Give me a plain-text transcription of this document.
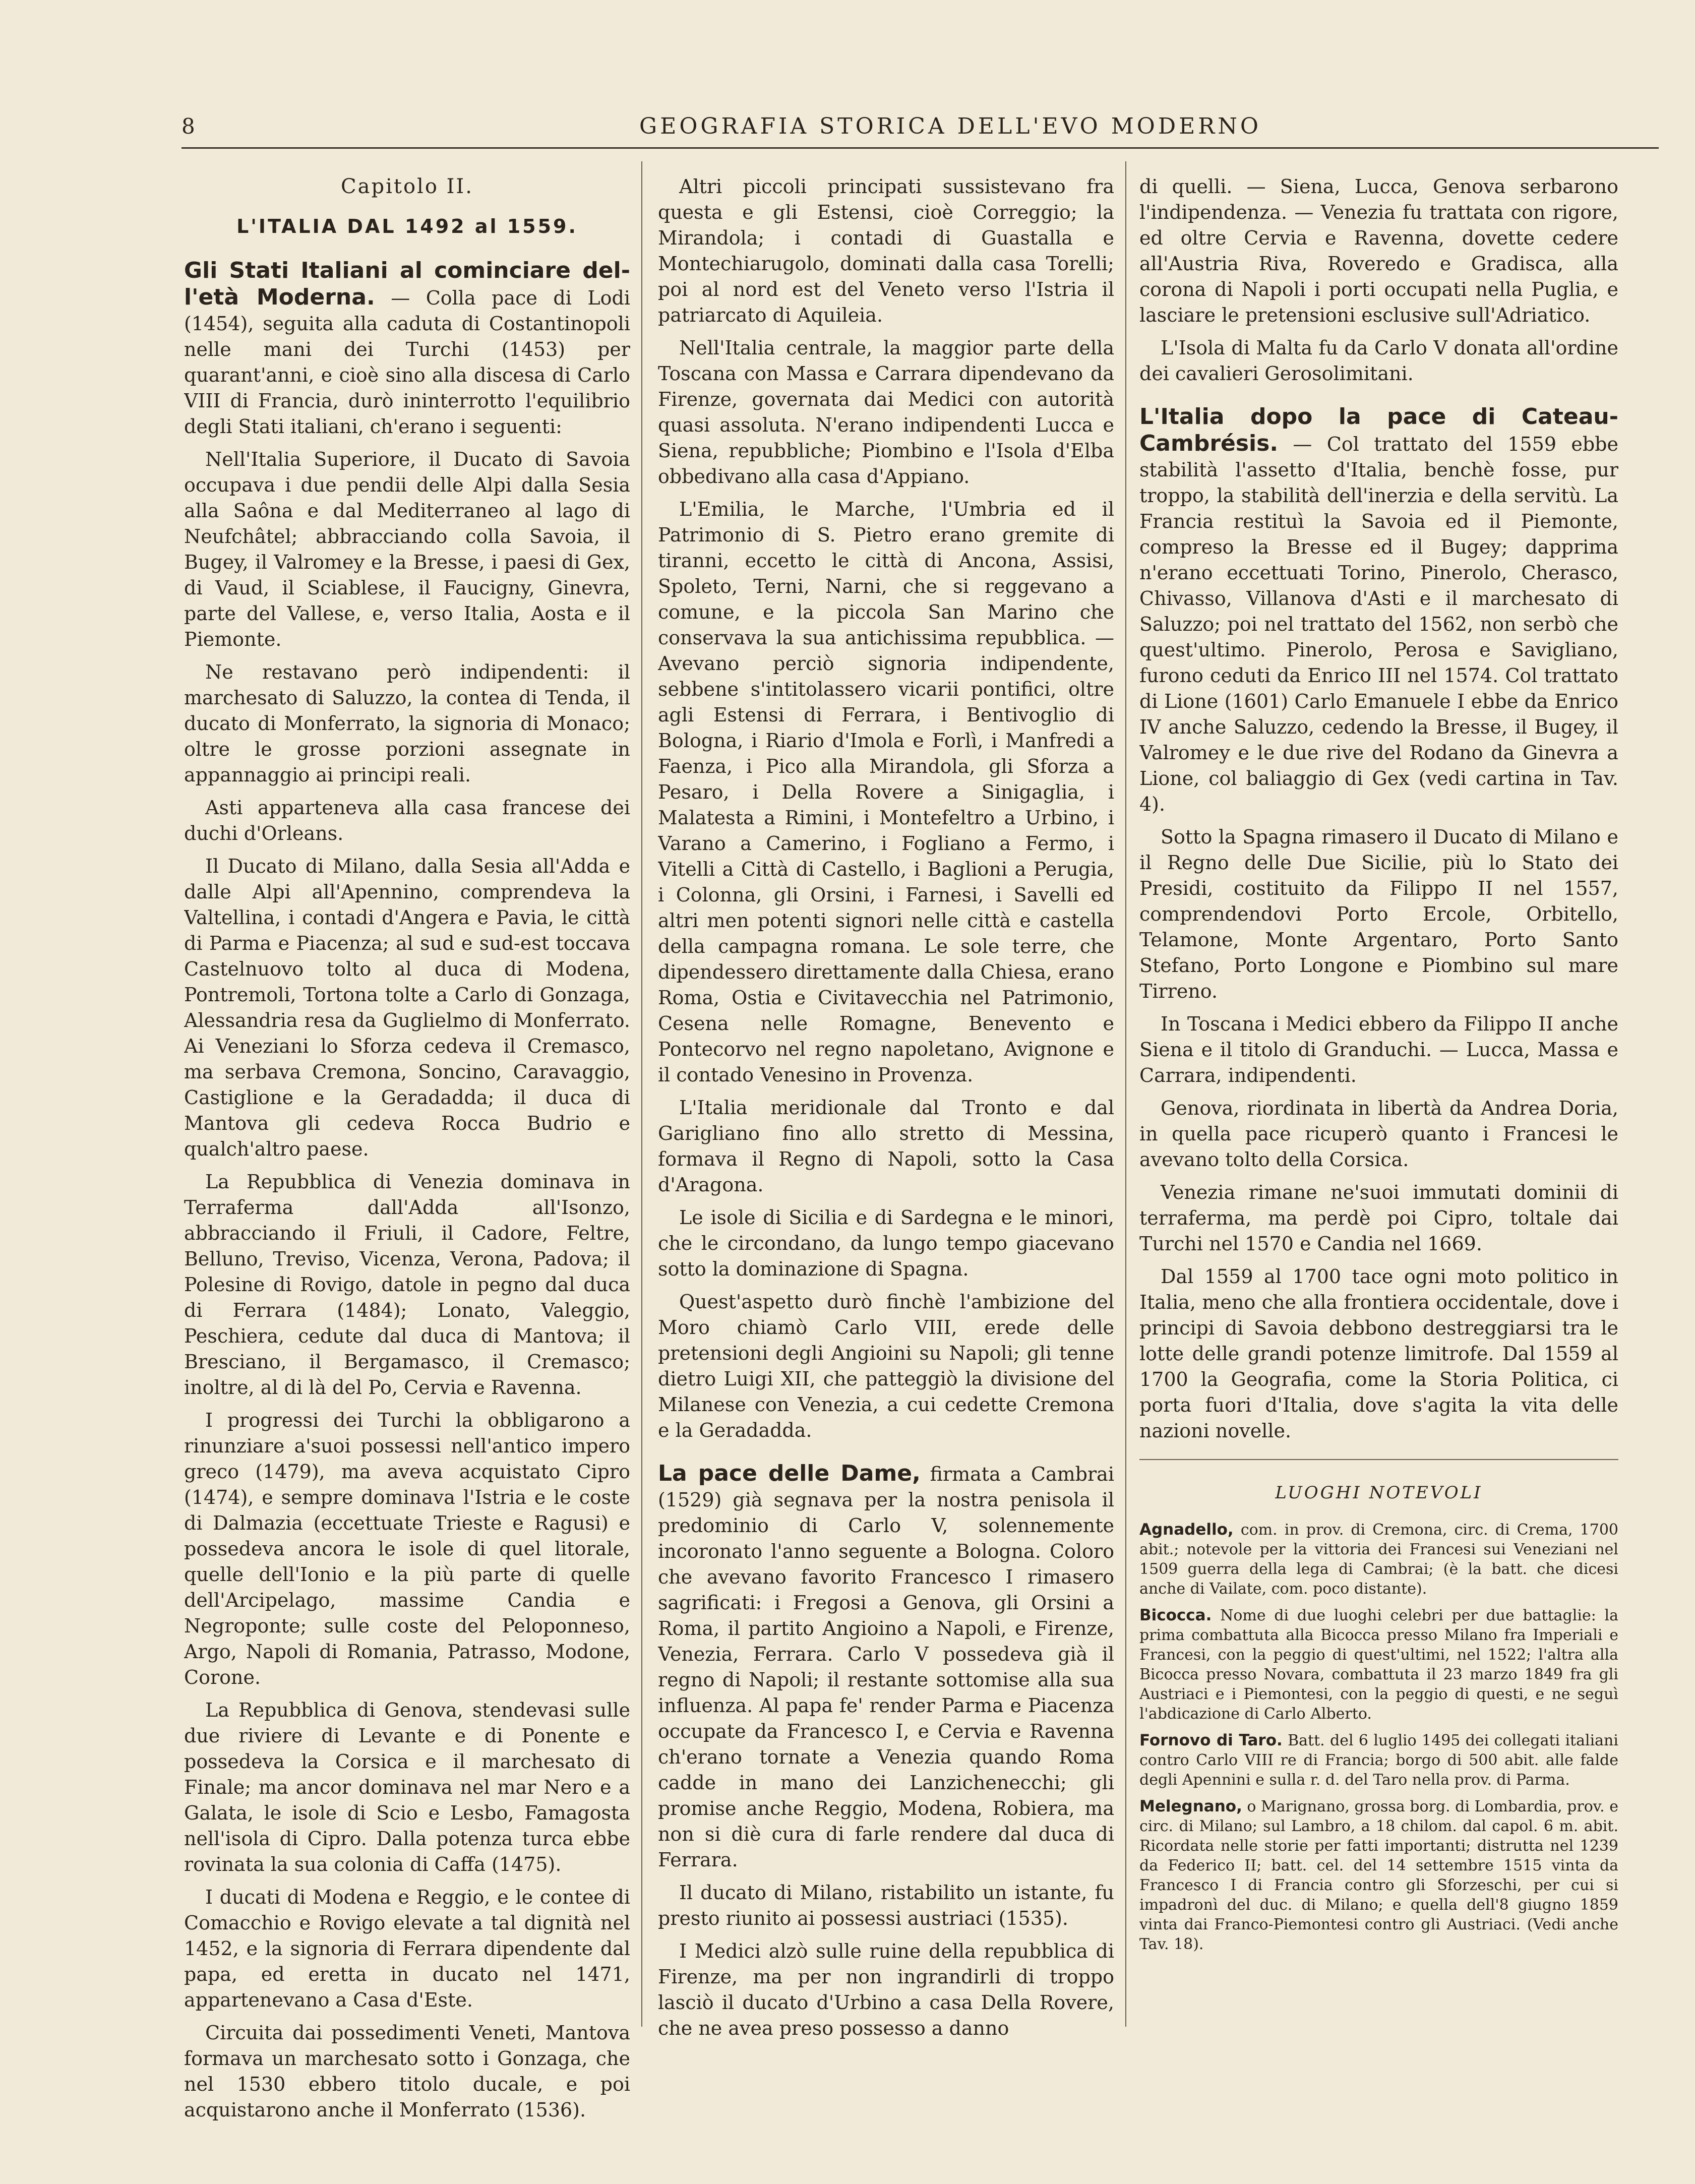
8	GEOGRAFIA STORICA DELL'EVO MODERNO
Capitolo II.
L'ITALIA DAL 1492 al 1559.

Gli Stati Italiani al cominciare del-l'età Moderna. — Colla pace di Lodi (1454), seguita alla caduta di Costantinopoli nelle mani dei Turchi (1453) per quarant'anni, e cioè sino alla discesa di Carlo VIII di Francia, durò ininterrotto l'equilibrio degli Stati italiani, ch'erano i seguenti:

Nell'Italia Superiore, il Ducato di Savoia occupava i due pendii delle Alpi dalla Sesia alla Saôna e dal Mediterraneo al lago di Neufchâtel; abbracciando colla Savoia, il Bugey, il Valromey e la Bresse, i paesi di Gex, di Vaud, il Sciablese, il Faucigny, Ginevra, parte del Vallese, e, verso Italia, Aosta e il Piemonte.

Ne restavano però indipendenti: il marchesato di Saluzzo, la contea di Tenda, il ducato di Monferrato, la signoria di Monaco; oltre le grosse porzioni assegnate in appannaggio ai principi reali.

Asti apparteneva alla casa francese dei duchi d'Orleans.

Il Ducato di Milano, dalla Sesia all'Adda e dalle Alpi all'Apennino, comprendeva la Valtellina, i contadi d'Angera e Pavia, le città di Parma e Piacenza; al sud e sud-est toccava Castelnuovo tolto al duca di Modena, Pontremoli, Tortona tolte a Carlo di Gonzaga, Alessandria resa da Guglielmo di Monferrato. Ai Veneziani lo Sforza cedeva il Cremasco, ma serbava Cremona, Soncino, Caravaggio, Castiglione e la Geradadda; il duca di Mantova gli cedeva Rocca Budrio e qualch'altro paese.

La Repubblica di Venezia dominava in Terraferma dall'Adda all'Isonzo, abbracciando il Friuli, il Cadore, Feltre, Belluno, Treviso, Vicenza, Verona, Padova; il Polesine di Rovigo, datole in pegno dal duca di Ferrara (1484); Lonato, Valeggio, Peschiera, cedute dal duca di Mantova; il Bresciano, il Bergamasco, il Cremasco; inoltre, al di là del Po, Cervia e Ravenna.

I progressi dei Turchi la obbligarono a rinunziare a'suoi possessi nell'antico impero greco (1479), ma aveva acquistato Cipro (1474), e sempre dominava l'Istria e le coste di Dalmazia (eccettuate Trieste e Ragusi) e possedeva ancora le isole di quel litorale, quelle dell'Ionio e la più parte di quelle dell'Arcipelago, massime Candia e Negroponte; sulle coste del Peloponneso, Argo, Napoli di Romania, Patrasso, Modone, Corone.

La Repubblica di Genova, stendevasi sulle due riviere di Levante e di Ponente e possedeva la Corsica e il marchesato di Finale; ma ancor dominava nel mar Nero e a Galata, le isole di Scio e Lesbo, Famagosta nell'isola di Cipro. Dalla potenza turca ebbe rovinata la sua colonia di Caffa (1475).

I ducati di Modena e Reggio, e le contee di Comacchio e Rovigo elevate a tal dignità nel 1452, e la signoria di Ferrara dipendente dal papa, ed eretta in ducato nel 1471, appartenevano a Casa d'Este.

Circuita dai possedimenti Veneti, Mantova formava un marchesato sotto i Gonzaga, che nel 1530 ebbero titolo ducale, e poi acquistarono anche il Monferrato (1536).

Altri piccoli principati sussistevano fra questa e gli Estensi, cioè Correggio; la Mirandola; i contadi di Guastalla e Montechiarugolo, dominati dalla casa Torelli; poi al nord est del Veneto verso l'Istria il patriarcato di Aquileia.

Nell'Italia centrale, la maggior parte della Toscana con Massa e Carrara dipendevano da Firenze, governata dai Medici con autorità quasi assoluta. N'erano indipendenti Lucca e Siena, repubbliche; Piombino e l'Isola d'Elba obbedivano alla casa d'Appiano.

L'Emilia, le Marche, l'Umbria ed il Patrimonio di S. Pietro erano gremite di tiranni, eccetto le città di Ancona, Assisi, Spoleto, Terni, Narni, che si reggevano a comune, e la piccola San Marino che conservava la sua antichissima repubblica. — Avevano perciò signoria indipendente, sebbene s'intitolassero vicarii pontifici, oltre agli Estensi di Ferrara, i Bentivoglio di Bologna, i Riario d'Imola e Forlì, i Manfredi a Faenza, i Pico alla Mirandola, gli Sforza a Pesaro, i Della Rovere a Sinigaglia, i Malatesta a Rimini, i Montefeltro a Urbino, i Varano a Camerino, i Fogliano a Fermo, i Vitelli a Città di Castello, i Baglioni a Perugia, i Colonna, gli Orsini, i Farnesi, i Savelli ed altri men potenti signori nelle città e castella della campagna romana. Le sole terre, che dipendessero direttamente dalla Chiesa, erano Roma, Ostia e Civitavecchia nel Patrimonio, Cesena nelle Romagne, Benevento e Pontecorvo nel regno napoletano, Avignone e il contado Venesino in Provenza.

L'Italia meridionale dal Tronto e dal Garigliano fino allo stretto di Messina, formava il Regno di Napoli, sotto la Casa d'Aragona.

Le isole di Sicilia e di Sardegna e le minori, che le circondano, da lungo tempo giacevano sotto la dominazione di Spagna.

Quest'aspetto durò finchè l'ambizione del Moro chiamò Carlo VIII, erede delle pretensioni degli Angioini su Napoli; gli tenne dietro Luigi XII, che patteggiò la divisione del Milanese con Venezia, a cui cedette Cremona e la Geradadda.

La pace delle Dame, firmata a Cambrai (1529) già segnava per la nostra penisola il predominio di Carlo V, solennemente incoronato l'anno seguente a Bologna. Coloro che avevano favorito Francesco I rimasero sagrificati: i Fregosi a Genova, gli Orsini a Roma, il partito Angioino a Napoli, e Firenze, Venezia, Ferrara. Carlo V possedeva già il regno di Napoli; il restante sottomise alla sua influenza. Al papa fe' render Parma e Piacenza occupate da Francesco I, e Cervia e Ravenna ch'erano tornate a Venezia quando Roma cadde in mano dei Lanzichenecchi; gli promise anche Reggio, Modena, Robiera, ma non si diè cura di farle rendere dal duca di Ferrara.

Il ducato di Milano, ristabilito un istante, fu presto riunito ai possessi austriaci (1535).

I Medici alzò sulle ruine della repubblica di Firenze, ma per non ingrandirli di troppo lasciò il ducato d'Urbino a casa Della Rovere, che ne avea preso possesso a danno

di quelli. — Siena, Lucca, Genova serbarono l'indipendenza. — Venezia fu trattata con rigore, ed oltre Cervia e Ravenna, dovette cedere all'Austria Riva, Roveredo e Gradisca, alla corona di Napoli i porti occupati nella Puglia, e lasciare le pretensioni esclusive sull'Adriatico.

L'Isola di Malta fu da Carlo V donata all'ordine dei cavalieri Gerosolimitani.

L'Italia dopo la pace di Cateau-Cambrésis. — Col trattato del 1559 ebbe stabilità l'assetto d'Italia, benchè fosse, pur troppo, la stabilità dell'inerzia e della servitù. La Francia restituì la Savoia ed il Piemonte, compreso la Bresse ed il Bugey; dapprima n'erano eccettuati Torino, Pinerolo, Cherasco, Chivasso, Villanova d'Asti e il marchesato di Saluzzo; poi nel trattato del 1562, non serbò che quest'ultimo. Pinerolo, Perosa e Savigliano, furono ceduti da Enrico III nel 1574. Col trattato di Lione (1601) Carlo Emanuele I ebbe da Enrico IV anche Saluzzo, cedendo la Bresse, il Bugey, il Valromey e le due rive del Rodano da Ginevra a Lione, col baliaggio di Gex (vedi cartina in Tav. 4).

Sotto la Spagna rimasero il Ducato di Milano e il Regno delle Due Sicilie, più lo Stato dei Presidi, costituito da Filippo II nel 1557, comprendendovi Porto Ercole, Orbitello, Telamone, Monte Argentaro, Porto Santo Stefano, Porto Longone e Piombino sul mare Tirreno.

In Toscana i Medici ebbero da Filippo II anche Siena e il titolo di Granduchi. — Lucca, Massa e Carrara, indipendenti.

Genova, riordinata in libertà da Andrea Doria, in quella pace ricuperò quanto i Francesi le avevano tolto della Corsica.

Venezia rimane ne'suoi immutati dominii di terraferma, ma perdè poi Cipro, toltale dai Turchi nel 1570 e Candia nel 1669.

Dal 1559 al 1700 tace ogni moto politico in Italia, meno che alla frontiera occidentale, dove i principi di Savoia debbono destreggiarsi tra le lotte delle grandi potenze limitrofe. Dal 1559 al 1700 la Geografia, come la Storia Politica, ci porta fuori d'Italia, dove s'agita la vita delle nazioni novelle.

LUOGHI NOTEVOLI

Agnadello, com. in prov. di Cremona, circ. di Crema, 1700 abit.; notevole per la vittoria dei Francesi sui Veneziani nel 1509 guerra della lega di Cambrai; (è la batt. che dicesi anche di Vailate, com. poco distante).

Bicocca. Nome di due luoghi celebri per due battaglie: la prima combattuta alla Bicocca presso Milano fra Imperiali e Francesi, con la peggio di quest'ultimi, nel 1522; l'altra alla Bicocca presso Novara, combattuta il 23 marzo 1849 fra gli Austriaci e i Piemontesi, con la peggio di questi, e ne seguì l'abdicazione di Carlo Alberto.

Fornovo di Taro. Batt. del 6 luglio 1495 dei collegati italiani contro Carlo VIII re di Francia; borgo di 500 abit. alle falde degli Apennini e sulla r. d. del Taro nella prov. di Parma.

Melegnano, o Marignano, grossa borg. di Lombardia, prov. e circ. di Milano; sul Lambro, a 18 chilom. dal capol. 6 m. abit. Ricordata nelle storie per fatti importanti; distrutta nel 1239 da Federico II; batt. cel. del 14 settembre 1515 vinta da Francesco I di Francia contro gli Sforzeschi, per cui si impadronì del duc. di Milano; e quella dell'8 giugno 1859 vinta dai Franco-Piemontesi contro gli Austriaci. (Vedi anche Tav. 18).
